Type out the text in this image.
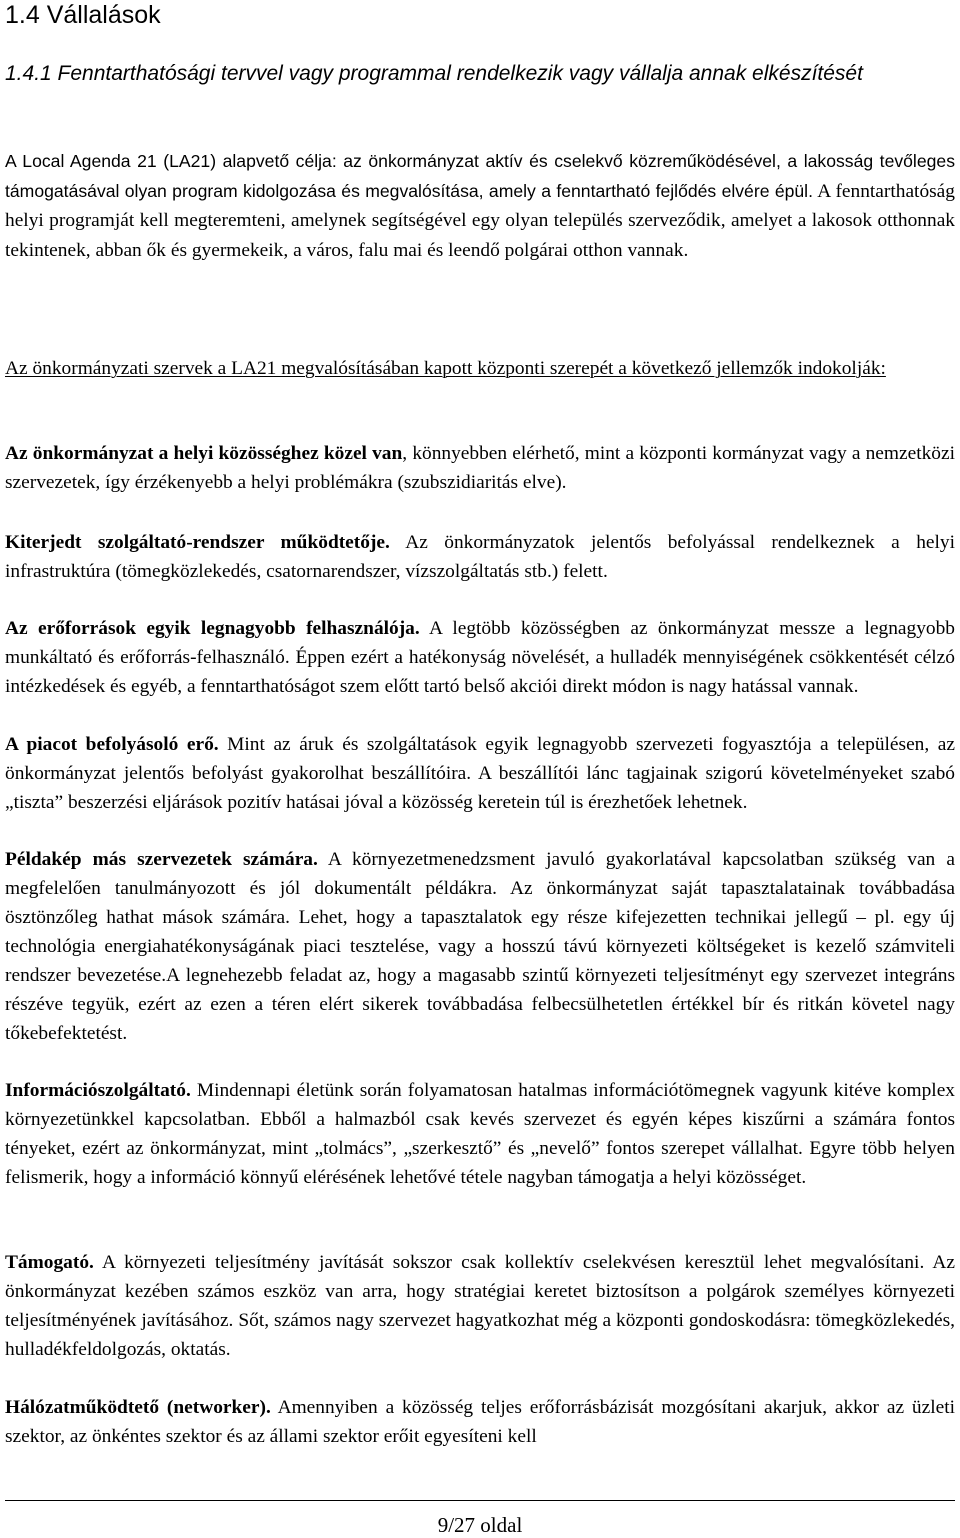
1.4 Vállalások
1.4.1 Fenntarthatósági tervvel vagy programmal rendelkezik vagy vállalja annak elkészítését

A Local Agenda 21 (LA21) alapvető célja: az önkormányzat aktív és cselekvő közreműködésével, a lakosság tevőleges támogatásával olyan program kidolgozása és megvalósítása, amely a fenntartható fejlődés elvére épül. A fenntarthatóság helyi programját kell megteremteni, amelynek segítségével egy olyan település szerveződik, amelyet a lakosok otthonnak tekintenek, abban ők és gyermekeik, a város, falu mai és leendő polgárai otthon vannak.

Az önkormányzati szervek a LA21 megvalósításában kapott központi szerepét a következő jellemzők indokolják:

Az önkormányzat a helyi közösséghez közel van, könnyebben elérhető, mint a központi kormányzat vagy a nemzetközi szervezetek, így érzékenyebb a helyi problémákra (szubszidiaritás elve).

Kiterjedt szolgáltató-rendszer működtetője. Az önkormányzatok jelentős befolyással rendelkeznek a helyi infrastruktúra (tömegközlekedés, csatornarendszer, vízszolgáltatás stb.) felett.

Az erőforrások egyik legnagyobb felhasználója. A legtöbb közösségben az önkormányzat messze a legnagyobb munkáltató és erőforrás-felhasználó. Éppen ezért a hatékonyság növelését, a hulladék mennyiségének csökkentését célzó intézkedések és egyéb, a fenntarthatóságot szem előtt tartó belső akciói direkt módon is nagy hatással vannak.

A piacot befolyásoló erő. Mint az áruk és szolgáltatások egyik legnagyobb szervezeti fogyasztója a településen, az önkormányzat jelentős befolyást gyakorolhat beszállítóira. A beszállítói lánc tagjainak szigorú követelményeket szabó „tiszta” beszerzési eljárások pozitív hatásai jóval a közösség keretein túl is érezhetőek lehetnek.

Példakép más szervezetek számára. A környezetmenedzsment javuló gyakorlatával kapcsolatban szükség van a megfelelően tanulmányozott és jól dokumentált példákra. Az önkormányzat saját tapasztalatainak továbbadása ösztönzőleg hathat mások számára. Lehet, hogy a tapasztalatok egy része kifejezetten technikai jellegű – pl. egy új technológia energiahatékonyságának piaci tesztelése, vagy a hosszú távú környezeti költségeket is kezelő számviteli rendszer bevezetése.A legnehezebb feladat az, hogy a magasabb szintű környezeti teljesítményt egy szervezet integráns részéve tegyük, ezért az ezen a téren elért sikerek továbbadása felbecsülhetetlen értékkel bír és ritkán követel nagy tőkebefektetést.

Információszolgáltató. Mindennapi életünk során folyamatosan hatalmas információtömegnek vagyunk kitéve komplex környezetünkkel kapcsolatban. Ebből a halmazból csak kevés szervezet és egyén képes kiszűrni a számára fontos tényeket, ezért az önkormányzat, mint „tolmács”, „szerkesztő” és „nevelő” fontos szerepet vállalhat. Egyre több helyen felismerik, hogy a információ könnyű elérésének lehetővé tétele nagyban támogatja a helyi közösséget.

Támogató. A környezeti teljesítmény javítását sokszor csak kollektív cselekvésen keresztül lehet megvalósítani. Az önkormányzat kezében számos eszköz van arra, hogy stratégiai keretet biztosítson a polgárok személyes környezeti teljesítményének javításához. Sőt, számos nagy szervezet hagyatkozhat még a központi gondoskodásra: tömegközlekedés, hulladékfeldolgozás, oktatás.

Hálózatműködtető (networker). Amennyiben a közösség teljes erőforrásbázisát mozgósítani akarjuk, akkor az üzleti szektor, az önkéntes szektor és az állami szektor erőit egyesíteni kell

9/27 oldal
